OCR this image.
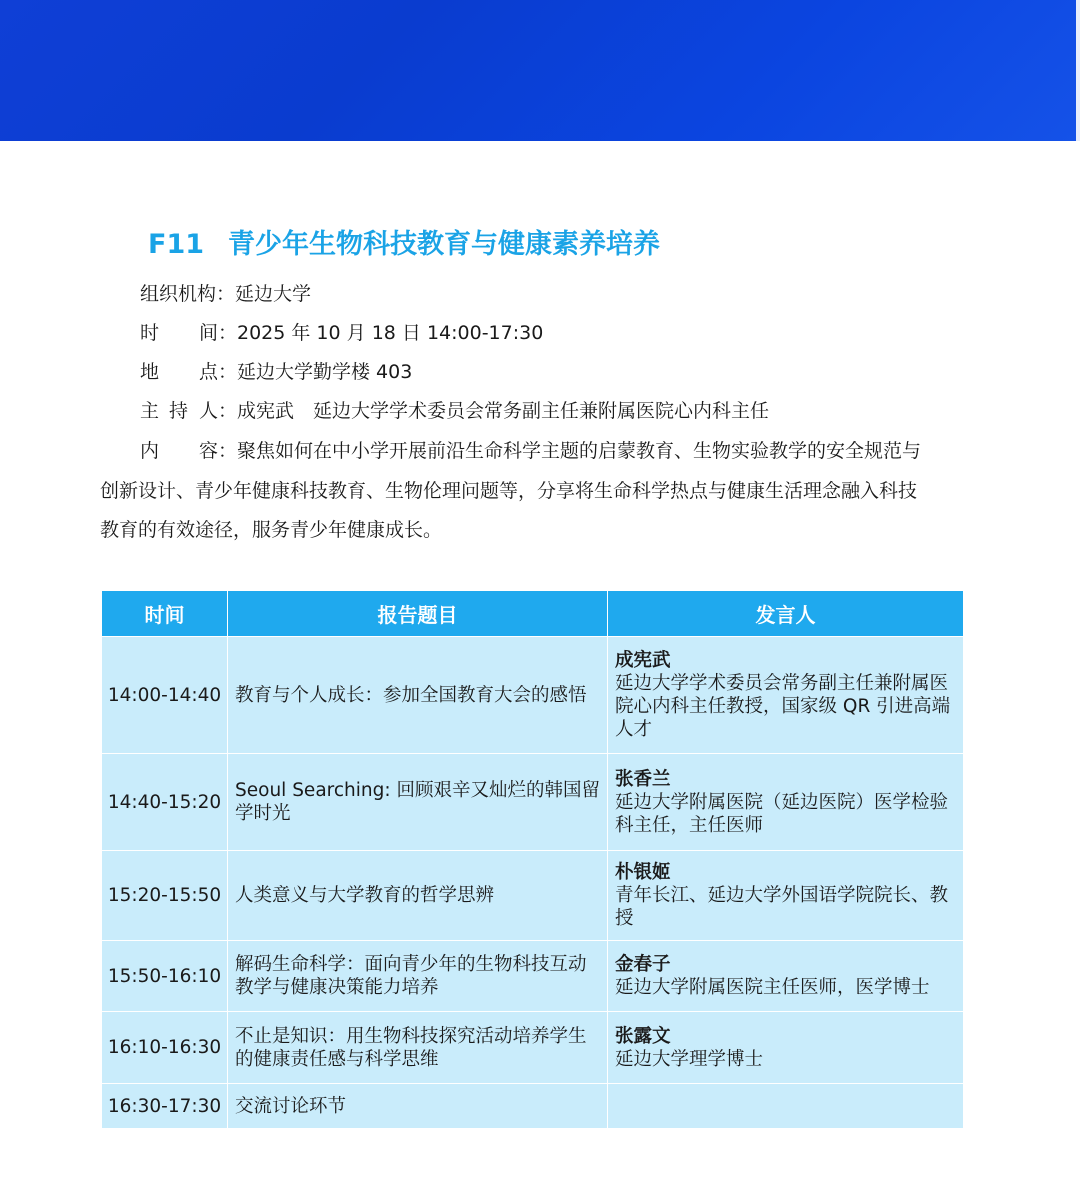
F11 青少年生物科技教育与健康素养培养
组织机构：延边大学
时 间：2025 年 10 月 18 日 14:00-17:30
地 点：延边大学勤学楼 403
主 持 人：成宪武　延边大学学术委员会常务副主任兼附属医院心内科主任
内 容：聚焦如何在中小学开展前沿生命科学主题的启蒙教育、生物实验教学的安全规范与
创新设计、青少年健康科技教育、生物伦理问题等，分享将生命科学热点与健康生活理念融入科技
教育的有效途径，服务青少年健康成长。
时间	报告题目	发言人
14:00-14:40	教育与个人成长：参加全国教育大会的感悟	成宪武
延边大学学术委员会常务副主任兼附属医院心内科主任教授，国家级 QR 引进高端人才

14:40-15:20	Seoul Searching: 回顾艰辛又灿烂的韩国留学时光	张香兰
延边大学附属医院（延边医院）医学检验科主任，主任医师

15:20-15:50	人类意义与大学教育的哲学思辨	朴银姬
青年长江、延边大学外国语学院院长、教授

15:50-16:10	解码生命科学：面向青少年的生物科技互动教学与健康决策能力培养	金春子
延边大学附属医院主任医师，医学博士

16:10-16:30	不止是知识：用生物科技探究活动培养学生的健康责任感与科学思维	张露文
延边大学理学博士

16:30-17:30	交流讨论环节	
